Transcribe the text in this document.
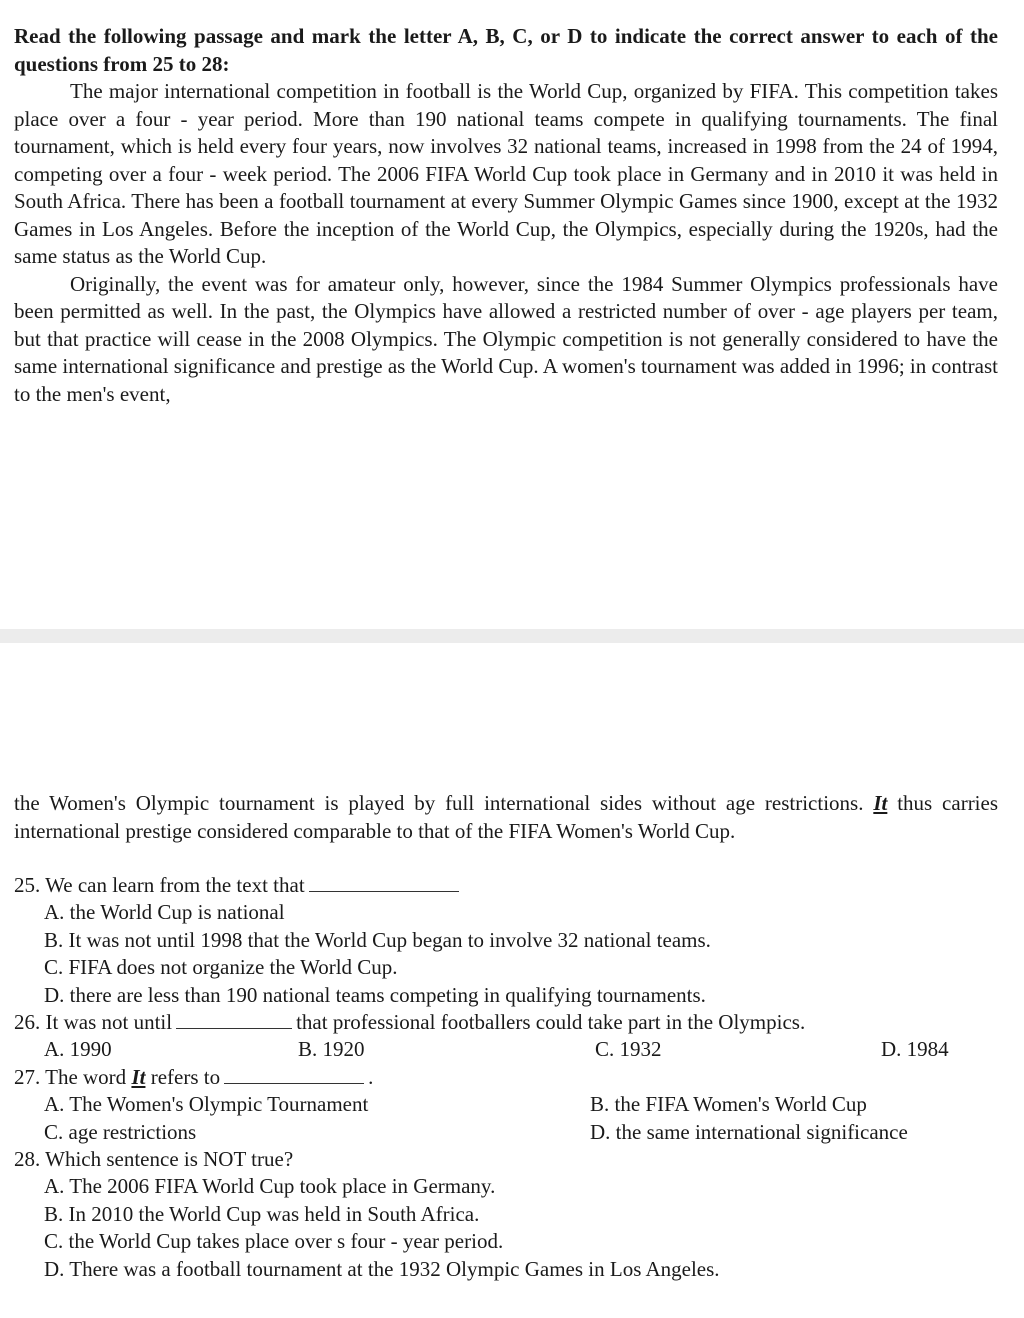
Read the following passage and mark the letter A, B, C, or D to indicate the correct answer to each of the questions from 25 to 28:

The major international competition in football is the World Cup, organized by FIFA. This competition takes place over a four - year period. More than 190 national teams compete in qualifying tournaments. The final tournament, which is held every four years, now involves 32 national teams, increased in 1998 from the 24 of 1994, competing over a four - week period. The 2006 FIFA World Cup took place in Germany and in 2010 it was held in South Africa. There has been a football tournament at every Summer Olympic Games since 1900, except at the 1932 Games in Los Angeles. Before the inception of the World Cup, the Olympics, especially during the 1920s, had the same status as the World Cup.

Originally, the event was for amateur only, however, since the 1984 Summer Olympics professionals have been permitted as well. In the past, the Olympics have allowed a restricted number of over - age players per team, but that practice will cease in the 2008 Olympics. The Olympic competition is not generally considered to have the same international significance and prestige as the World Cup. A women's tournament was added in 1996; in contrast to the men's event,

the Women's Olympic tournament is played by full international sides without age restrictions. It thus carries international prestige considered comparable to that of the FIFA Women's World Cup.

25. We can learn from the text that

A. the World Cup is national

B. It was not until 1998 that the World Cup began to involve 32 national teams.

C. FIFA does not organize the World Cup.

D. there are less than 190 national teams competing in qualifying tournaments.

26. It was not until	that professional footballers could take part in the Olympics.

A. 1990	B. 1920	C. 1932	D. 1984

27. The word It refers to	.

A. The Women's Olympic Tournament	B. the FIFA Women's World Cup
C. age restrictions	D. the same international significance

28. Which sentence is NOT true?

A. The 2006 FIFA World Cup took place in Germany.

B. In 2010 the World Cup was held in South Africa.

C. the World Cup takes place over s four - year period.

D. There was a football tournament at the 1932 Olympic Games in Los Angeles.
